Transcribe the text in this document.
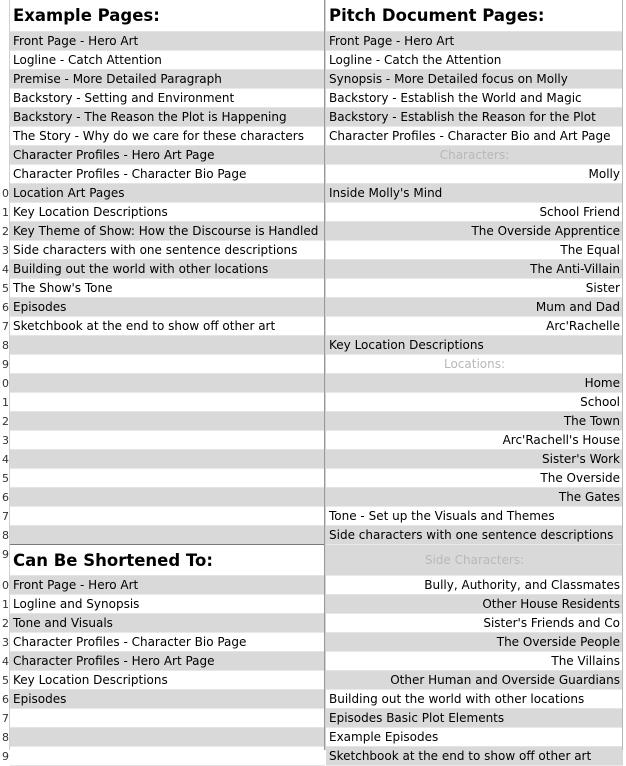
0
1
2
3
4
5
6
7
8
9
0
1
2
3
4
5
6
7
8
9
0
1
2
3
4
5
6
7
8
9
Example Pages:
Front Page - Hero Art
Logline - Catch Attention
Premise - More Detailed Paragraph
Backstory - Setting and Environment
Backstory - The Reason the Plot is Happening
The Story - Why do we care for these characters
Character Profiles - Hero Art Page
Character Profiles - Character Bio Page
Location Art Pages
Key Location Descriptions
Key Theme of Show: How the Discourse is Handled
Side characters with one sentence descriptions
Building out the world with other locations
The Show's Tone
Episodes
Sketchbook at the end to show off other art
Can Be Shortened To:
Front Page - Hero Art
Logline and Synopsis
Tone and Visuals
Character Profiles - Character Bio Page
Character Profiles - Hero Art Page
Key Location Descriptions
Episodes
Pitch Document Pages:
Front Page - Hero Art
Logline - Catch the Attention
Synopsis - More Detailed focus on Molly
Backstory - Establish the World and Magic
Backstory - Establish the Reason for the Plot
Character Profiles - Character Bio and Art Page
Characters:
Molly
Inside Molly's Mind
School Friend
The Overside Apprentice
The Equal
The Anti-Villain
Sister
Mum and Dad
Arc'Rachelle
Key Location Descriptions
Locations:
Home
School
The Town
Arc'Rachell's House
Sister's Work
The Overside
The Gates
Tone - Set up the Visuals and Themes
Side characters with one sentence descriptions
Side Characters:
Bully, Authority, and Classmates
Other House Residents
Sister's Friends and Co
The Overside People
The Villains
Other Human and Overside Guardians
Building out the world with other locations
Episodes Basic Plot Elements
Example Episodes
Sketchbook at the end to show off other art
